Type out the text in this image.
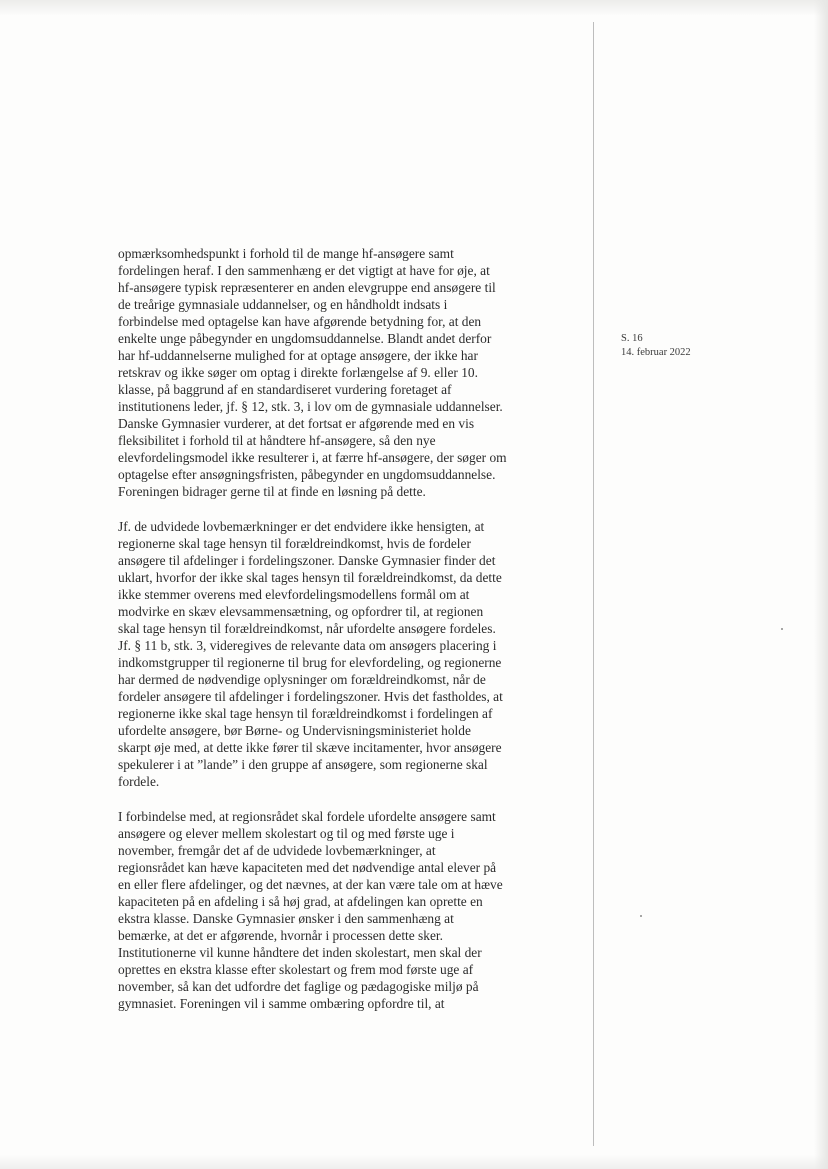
S. 16
14. februar 2022
opmærksomhedspunkt i forhold til de mange hf-ansøgere samt
fordelingen heraf. I den sammenhæng er det vigtigt at have for øje, at
hf-ansøgere typisk repræsenterer en anden elevgruppe end ansøgere til
de treårige gymnasiale uddannelser, og en håndholdt indsats i
forbindelse med optagelse kan have afgørende betydning for, at den
enkelte unge påbegynder en ungdomsuddannelse. Blandt andet derfor
har hf-uddannelserne mulighed for at optage ansøgere, der ikke har
retskrav og ikke søger om optag i direkte forlængelse af 9. eller 10.
klasse, på baggrund af en standardiseret vurdering foretaget af
institutionens leder, jf. § 12, stk. 3, i lov om de gymnasiale uddannelser.
Danske Gymnasier vurderer, at det fortsat er afgørende med en vis
fleksibilitet i forhold til at håndtere hf-ansøgere, så den nye
elevfordelingsmodel ikke resulterer i, at færre hf-ansøgere, der søger om
optagelse efter ansøgningsfristen, påbegynder en ungdomsuddannelse.
Foreningen bidrager gerne til at finde en løsning på dette.
Jf. de udvidede lovbemærkninger er det endvidere ikke hensigten, at
regionerne skal tage hensyn til forældreindkomst, hvis de fordeler
ansøgere til afdelinger i fordelingszoner. Danske Gymnasier finder det
uklart, hvorfor der ikke skal tages hensyn til forældreindkomst, da dette
ikke stemmer overens med elevfordelingsmodellens formål om at
modvirke en skæv elevsammensætning, og opfordrer til, at regionen
skal tage hensyn til forældreindkomst, når ufordelte ansøgere fordeles.
Jf. § 11 b, stk. 3, videregives de relevante data om ansøgers placering i
indkomstgrupper til regionerne til brug for elevfordeling, og regionerne
har dermed de nødvendige oplysninger om forældreindkomst, når de
fordeler ansøgere til afdelinger i fordelingszoner. Hvis det fastholdes, at
regionerne ikke skal tage hensyn til forældreindkomst i fordelingen af
ufordelte ansøgere, bør Børne- og Undervisningsministeriet holde
skarpt øje med, at dette ikke fører til skæve incitamenter, hvor ansøgere
spekulerer i at ”lande” i den gruppe af ansøgere, som regionerne skal
fordele.
I forbindelse med, at regionsrådet skal fordele ufordelte ansøgere samt
ansøgere og elever mellem skolestart og til og med første uge i
november, fremgår det af de udvidede lovbemærkninger, at
regionsrådet kan hæve kapaciteten med det nødvendige antal elever på
en eller flere afdelinger, og det nævnes, at der kan være tale om at hæve
kapaciteten på en afdeling i så høj grad, at afdelingen kan oprette en
ekstra klasse. Danske Gymnasier ønsker i den sammenhæng at
bemærke, at det er afgørende, hvornår i processen dette sker.
Institutionerne vil kunne håndtere det inden skolestart, men skal der
oprettes en ekstra klasse efter skolestart og frem mod første uge af
november, så kan det udfordre det faglige og pædagogiske miljø på
gymnasiet. Foreningen vil i samme ombæring opfordre til, at
